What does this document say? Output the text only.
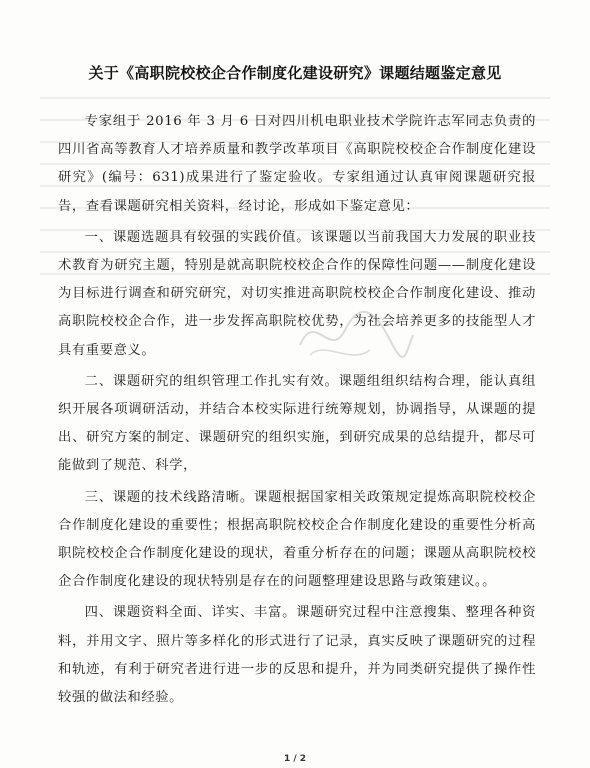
关于《高职院校校企合作制度化建设研究》课题结题鉴定意见

专家组于 2016 年 3 月 6 日对四川机电职业技术学院许志军同志负责的四川省高等教育人才培养质量和教学改革项目《高职院校校企合作制度化建设研究》(编号：631)成果进行了鉴定验收。专家组通过认真审阅课题研究报告，查看课题研究相关资料，经讨论，形成如下鉴定意见：

一、课题选题具有较强的实践价值。该课题以当前我国大力发展的职业技术教育为研究主题，特别是就高职院校校企合作的保障性问题——制度化建设为目标进行调查和研究研究，对切实推进高职院校校企合作制度化建设、推动高职院校校企合作，进一步发挥高职院校优势，为社会培养更多的技能型人才具有重要意义。

二、课题研究的组织管理工作扎实有效。课题组组织结构合理，能认真组织开展各项调研活动，并结合本校实际进行统筹规划，协调指导，从课题的提出、研究方案的制定、课题研究的组织实施，到研究成果的总结提升，都尽可能做到了规范、科学，

三、课题的技术线路清晰。课题根据国家相关政策规定提炼高职院校校企合作制度化建设的重要性；根据高职院校校企合作制度化建设的重要性分析高职院校校企合作制度化建设的现状，着重分析存在的问题；课题从高职院校校企合作制度化建设的现状特别是存在的问题整理建设思路与政策建议。。

四、课题资料全面、详实、丰富。课题研究过程中注意搜集、整理各种资料，并用文字、照片等多样化的形式进行了记录，真实反映了课题研究的过程和轨迹，有利于研究者进行进一步的反思和提升，并为同类研究提供了操作性较强的做法和经验。

1 / 2
